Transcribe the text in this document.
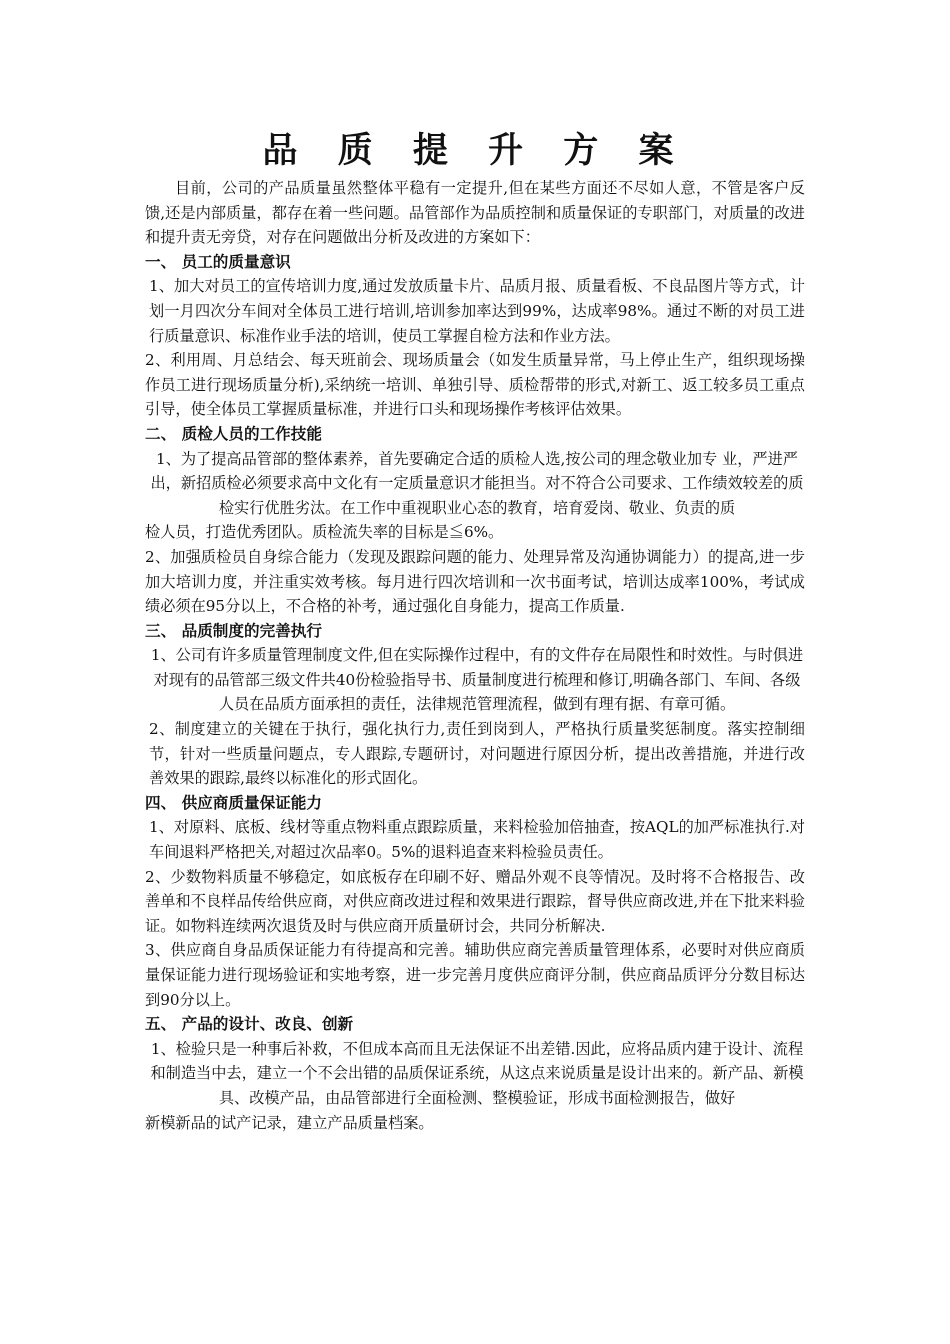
品 质 提 升 方 案

目前，公司的产品质量虽然整体平稳有一定提升,但在某些方面还不尽如人意，不管是客户反馈,还是内部质量，都存在着一些问题。品管部作为品质控制和质量保证的专职部门，对质量的改进和提升责无旁贷，对存在问题做出分析及改进的方案如下：

一、 员工的质量意识

1、加大对员工的宣传培训力度,通过发放质量卡片、品质月报、质量看板、不良品图片等方式，计划一月四次分车间对全体员工进行培训,培训参加率达到99%，达成率98%。通过不断的对员工进行质量意识、标准作业手法的培训，使员工掌握自检方法和作业方法。

2、利用周、月总结会、每天班前会、现场质量会（如发生质量异常，马上停止生产，组织现场操作员工进行现场质量分析),采纳统一培训、单独引导、质检帮带的形式,对新工、返工较多员工重点引导，使全体员工掌握质量标准，并进行口头和现场操作考核评估效果。

二、 质检人员的工作技能

1、为了提高品管部的整体素养，首先要确定合适的质检人选,按公司的理念敬业加专 业，严进严出，新招质检必须要求高中文化有一定质量意识才能担当。对不符合公司要求、工作绩效较差的质检实行优胜劣汰。在工作中重视职业心态的教育，培育爱岗、敬业、负责的质

检人员，打造优秀团队。质检流失率的目标是≦6%。

2、加强质检员自身综合能力（发现及跟踪问题的能力、处理异常及沟通协调能力）的提高,进一步加大培训力度，并注重实效考核。每月进行四次培训和一次书面考试，培训达成率100%，考试成绩必须在95分以上，不合格的补考，通过强化自身能力，提高工作质量.

三、 品质制度的完善执行

1、公司有许多质量管理制度文件,但在实际操作过程中，有的文件存在局限性和时效性。与时俱进对现有的品管部三级文件共40份检验指导书、质量制度进行梳理和修订,明确各部门、车间、各级人员在品质方面承担的责任，法律规范管理流程，做到有理有据、有章可循。

2、制度建立的关键在于执行，强化执行力,责任到岗到人，严格执行质量奖惩制度。落实控制细节，针对一些质量问题点，专人跟踪,专题研讨，对问题进行原因分析，提出改善措施，并进行改善效果的跟踪,最终以标准化的形式固化。

四、 供应商质量保证能力

1、对原料、底板、线材等重点物料重点跟踪质量，来料检验加倍抽查，按AQL的加严标准执行.对车间退料严格把关,对超过次品率0。5%的退料追查来料检验员责任。

2、少数物料质量不够稳定，如底板存在印刷不好、赠品外观不良等情况。及时将不合格报告、改善单和不良样品传给供应商，对供应商改进过程和效果进行跟踪，督导供应商改进,并在下批来料验证。如物料连续两次退货及时与供应商开质量研讨会，共同分析解决.

3、供应商自身品质保证能力有待提高和完善。辅助供应商完善质量管理体系，必要时对供应商质量保证能力进行现场验证和实地考察，进一步完善月度供应商评分制，供应商品质评分分数目标达到90分以上。

五、 产品的设计、改良、创新

1、检验只是一种事后补救，不但成本高而且无法保证不出差错.因此，应将品质内建于设计、流程和制造当中去，建立一个不会出错的品质保证系统，从这点来说质量是设计出来的。新产品、新模具、改模产品，由品管部进行全面检测、整模验证，形成书面检测报告，做好

新模新品的试产记录，建立产品质量档案。
